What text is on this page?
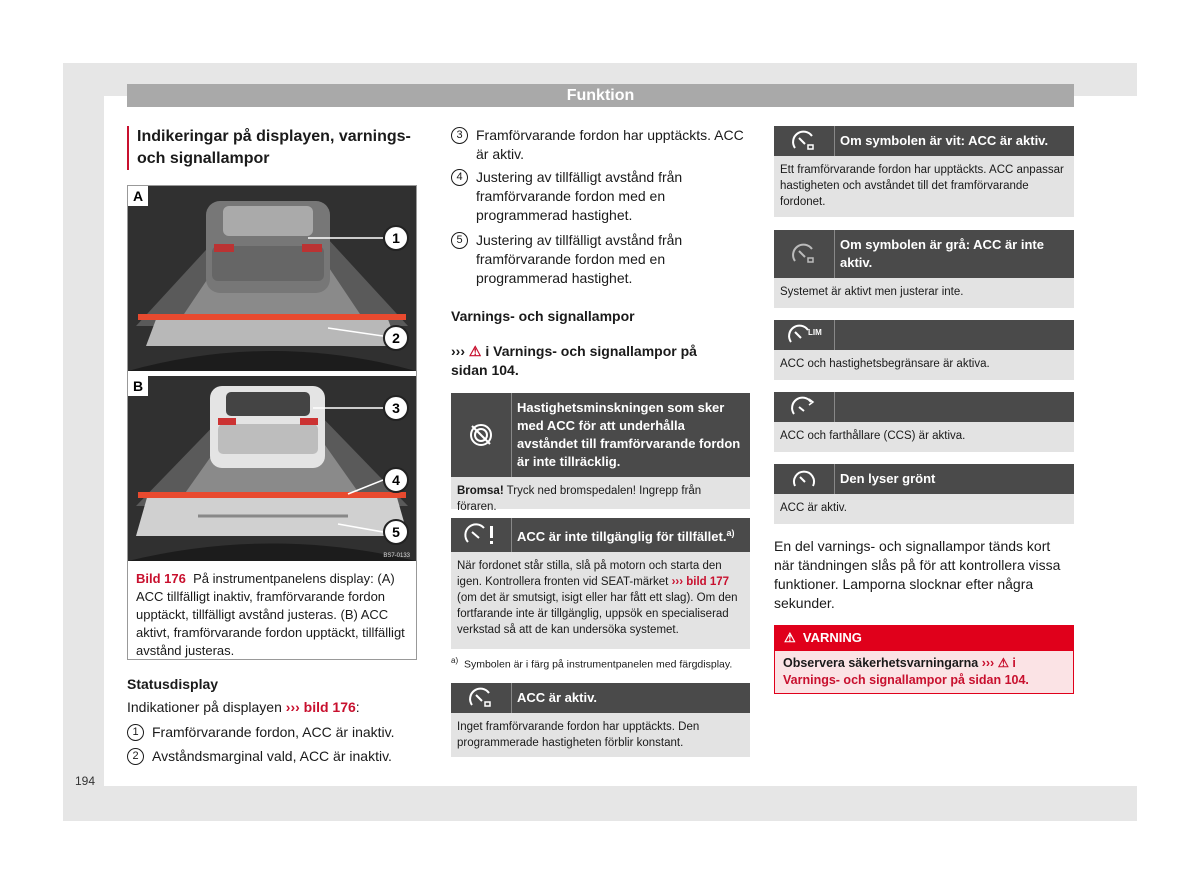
Funktion
Indikeringar på displayen, varnings- och signallampor
1
2
A
3
4
5
B
BS7-0133
Bild 176 På instrumentpanelens display: (A) ACC tillfälligt inaktiv, framförvarande fordon upptäckt, tillfälligt avstånd justeras. (B) ACC aktivt, framförvarande fordon upptäckt, tillfälligt avstånd justeras.
Statusdisplay
Indikationer på displayen ››› bild 176:
1 Framförvarande fordon, ACC är inaktiv.
2 Avståndsmarginal vald, ACC är inaktiv.
3 Framförvarande fordon har upptäckts. ACC är aktiv.
4 Justering av tillfälligt avstånd från framförvarande fordon med en programmerad hastighet.
5 Justering av tillfälligt avstånd från framförvarande fordon med en programmerad hastighet.
Varnings- och signallampor
››› ⚠ i Varnings- och signallampor på sidan 104.
Hastighetsminskningen som sker med ACC för att underhålla avståndet till framförvarande fordon är inte tillräcklig.
Bromsa! Tryck ned bromspedalen! Ingrepp från föraren.
ACC är inte tillgänglig för tillfället.$^{a)}$
När fordonet står stilla, slå på motorn och starta den igen. Kontrollera fronten vid SEAT-märket ››› bild 177 (om det är smutsigt, isigt eller har fått ett slag). Om den fortfarande inte är tillgänglig, uppsök en specialiserad verkstad så att de kan undersöka systemet.
$^{a)}$ Symbolen är i färg på instrumentpanelen med färgdisplay.
ACC är aktiv.
Inget framförvarande fordon har upptäckts. Den programmerade hastigheten förblir konstant.
Om symbolen är vit: ACC är aktiv.
Ett framförvarande fordon har upptäckts. ACC anpassar hastigheten och avståndet till det framförvarande fordonet.
Om symbolen är grå: ACC är inte aktiv.
Systemet är aktivt men justerar inte.
LIM
ACC och hastighetsbegränsare är aktiva.
ACC och farthållare (CCS) är aktiva.
Den lyser grönt
ACC är aktiv.
En del varnings- och signallampor tänds kort när tändningen slås på för att kontrollera vissa funktioner. Lamporna slocknar efter några sekunder.
⚠ VARNING
Observera säkerhetsvarningarna ››› ⚠ i Varnings- och signallampor på sidan 104.
194
